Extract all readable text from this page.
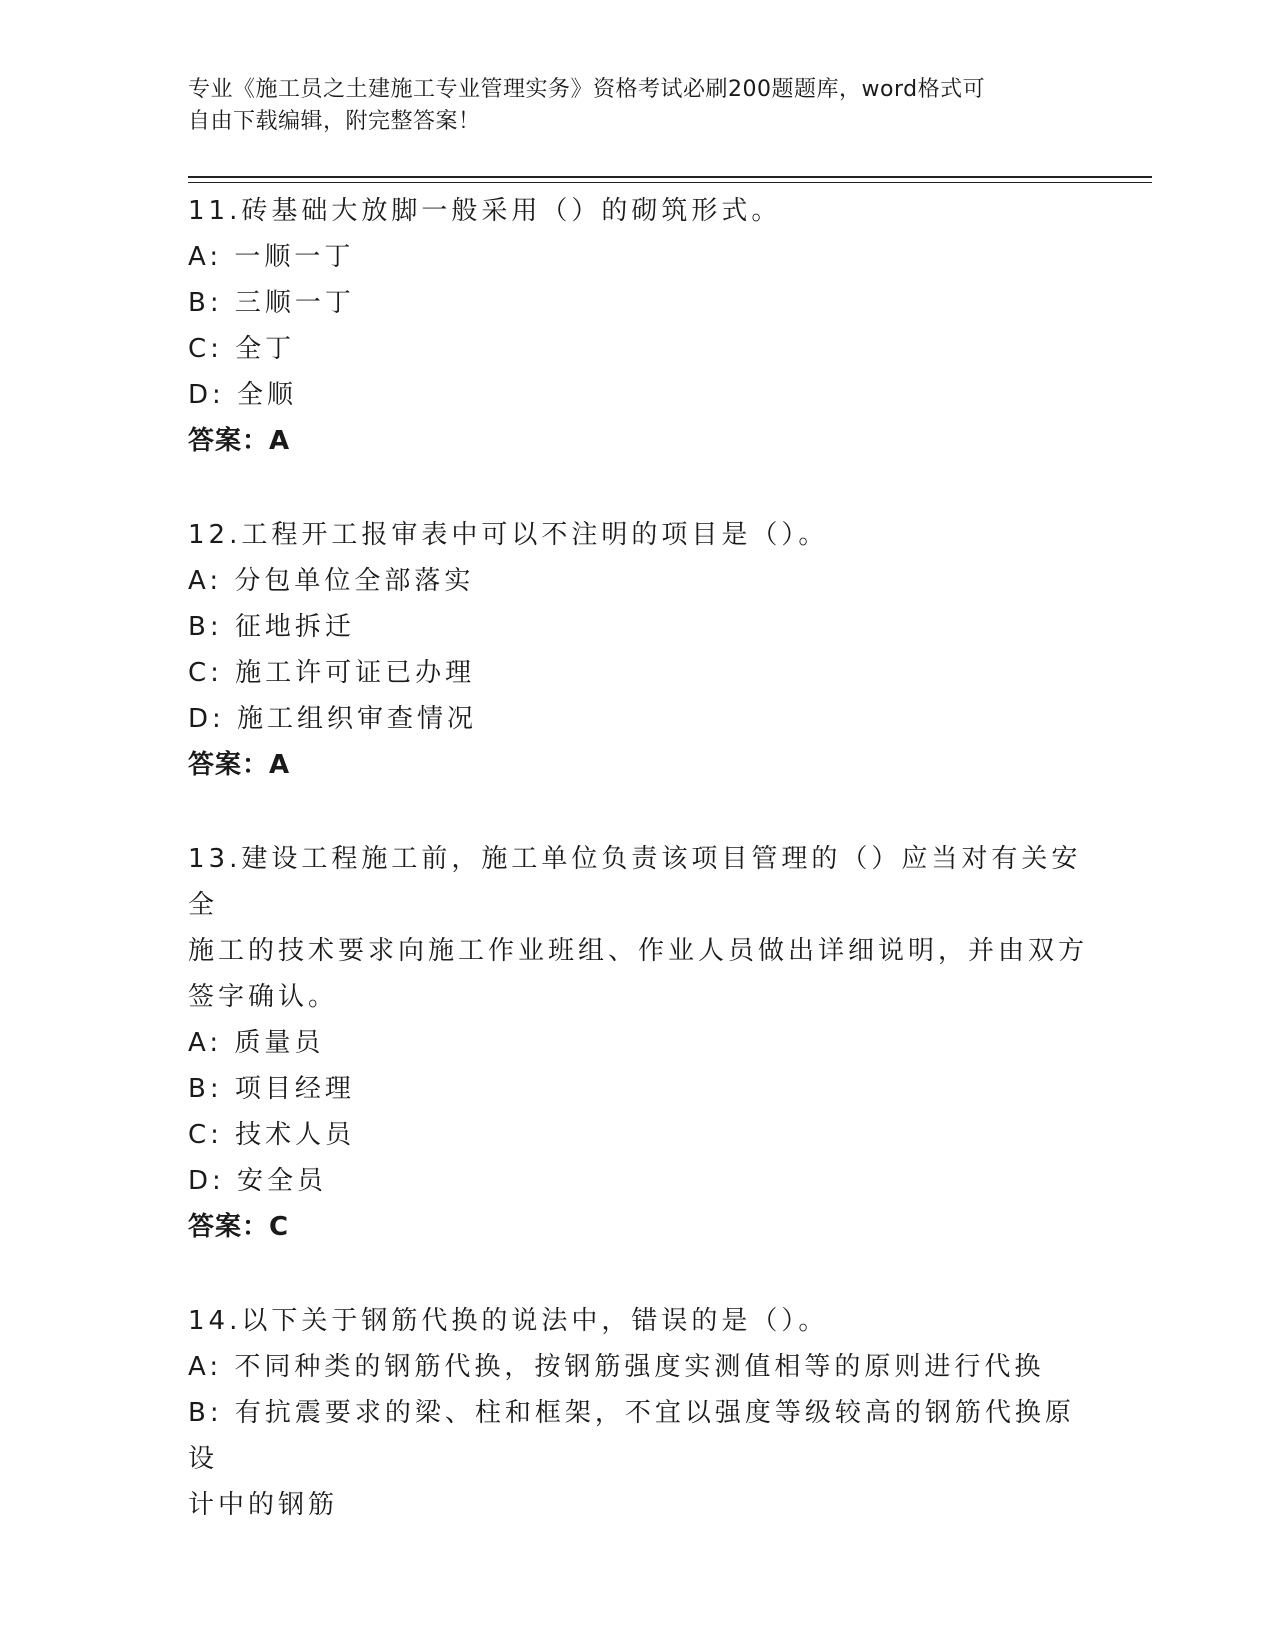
专业《施工员之土建施工专业管理实务》资格考试必刷200题题库，word格式可
自由下载编辑，附完整答案！
11.砖基础大放脚一般采用（）的砌筑形式。
A: 一顺一丁
B: 三顺一丁
C: 全丁
D: 全顺
答案：A
12.工程开工报审表中可以不注明的项目是（）。
A: 分包单位全部落实
B: 征地拆迁
C: 施工许可证已办理
D: 施工组织审查情况
答案：A
13.建设工程施工前，施工单位负责该项目管理的（）应当对有关安全
施工的技术要求向施工作业班组、作业人员做出详细说明，并由双方
签字确认。
A: 质量员
B: 项目经理
C: 技术人员
D: 安全员
答案：C
14.以下关于钢筋代换的说法中，错误的是（）。
A: 不同种类的钢筋代换，按钢筋强度实测值相等的原则进行代换
B: 有抗震要求的梁、柱和框架，不宜以强度等级较高的钢筋代换原设
计中的钢筋
